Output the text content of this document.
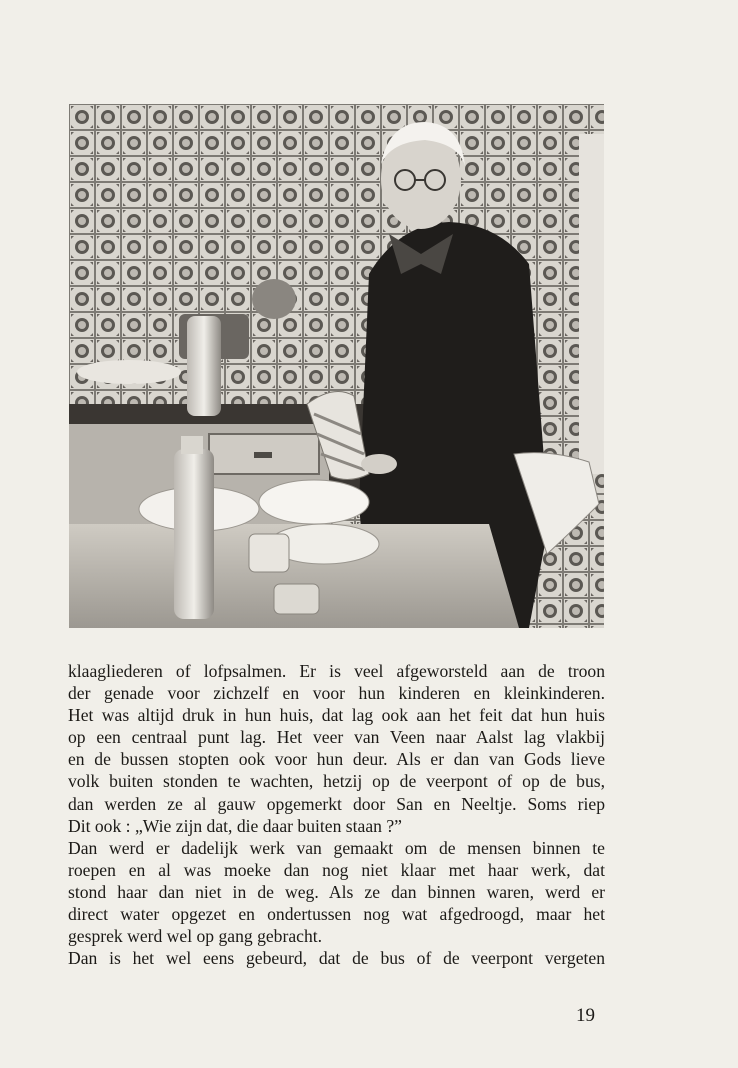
klaagliederen of lofpsalmen. Er is veel afgeworsteld aan de troon
der genade voor zichzelf en voor hun kinderen en kleinkinderen.
Het was altijd druk in hun huis, dat lag ook aan het feit dat hun huis
op een centraal punt lag. Het veer van Veen naar Aalst lag vlakbij
en de bussen stopten ook voor hun deur. Als er dan van Gods lieve
volk buiten stonden te wachten, hetzij op de veerpont of op de bus,
dan werden ze al gauw opgemerkt door San en Neeltje. Soms riep
Dit ook : „Wie zijn dat, die daar buiten staan ?”
Dan werd er dadelijk werk van gemaakt om de mensen binnen te
roepen en al was moeke dan nog niet klaar met haar werk, dat
stond haar dan niet in de weg. Als ze dan binnen waren, werd er
direct water opgezet en ondertussen nog wat afgedroogd, maar het
gesprek werd wel op gang gebracht.
Dan is het wel eens gebeurd, dat de bus of de veerpont vergeten
19
